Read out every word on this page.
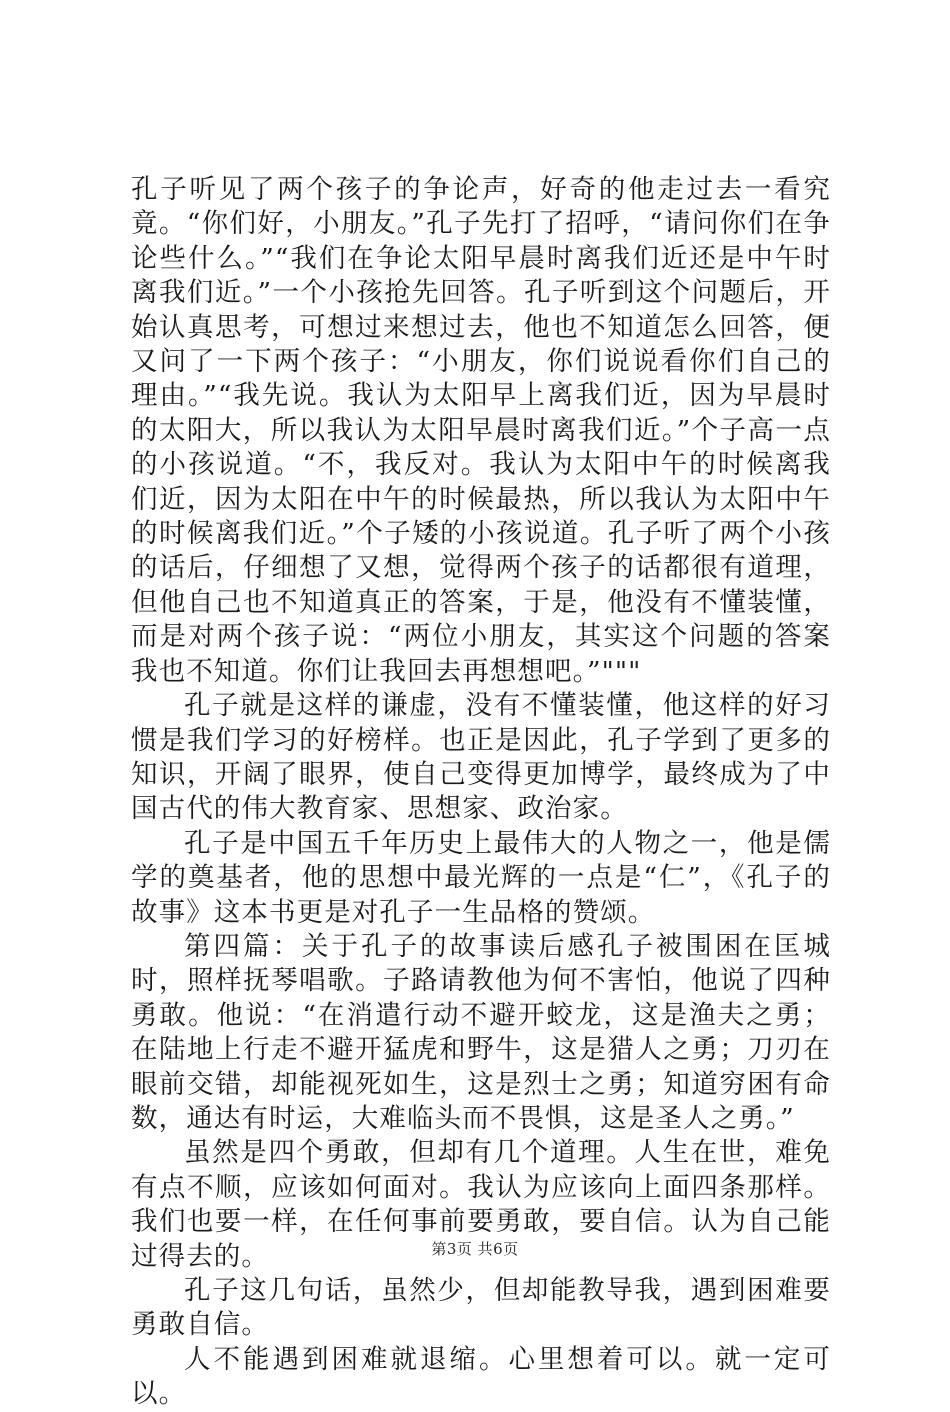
孔子听见了两个孩子的争论声，好奇的他走过去一看究竟。“你们好，小朋友。”孔子先打了招呼，“请问你们在争论些什么。”“我们在争论太阳早晨时离我们近还是中午时离我们近。”一个小孩抢先回答。孔子听到这个问题后，开始认真思考，可想过来想过去，他也不知道怎么回答，便又问了一下两个孩子：“小朋友，你们说说看你们自己的理由。”“我先说。我认为太阳早上离我们近，因为早晨时的太阳大，所以我认为太阳早晨时离我们近。”个子高一点的小孩说道。“不，我反对。我认为太阳中午的时候离我们近，因为太阳在中午的时候最热，所以我认为太阳中午的时候离我们近。”个子矮的小孩说道。孔子听了两个小孩的话后，仔细想了又想，觉得两个孩子的话都很有道理，但他自己也不知道真正的答案，于是，他没有不懂装懂，而是对两个孩子说：“两位小朋友，其实这个问题的答案我也不知道。你们让我回去再想想吧。”"""

孔子就是这样的谦虚，没有不懂装懂，他这样的好习惯是我们学习的好榜样。也正是因此，孔子学到了更多的知识，开阔了眼界，使自己变得更加博学，最终成为了中国古代的伟大教育家、思想家、政治家。

孔子是中国五千年历史上最伟大的人物之一，他是儒学的奠基者，他的思想中最光辉的一点是“仁”，《孔子的故事》这本书更是对孔子一生品格的赞颂。

第四篇：关于孔子的故事读后感孔子被围困在匡城时，照样抚琴唱歌。子路请教他为何不害怕，他说了四种勇敢。他说：“在消遣行动不避开蛟龙，这是渔夫之勇；在陆地上行走不避开猛虎和野牛，这是猎人之勇；刀刃在眼前交错，却能视死如生，这是烈士之勇；知道穷困有命数，通达有时运，大难临头而不畏惧，这是圣人之勇。”

虽然是四个勇敢，但却有几个道理。人生在世，难免有点不顺，应该如何面对。我认为应该向上面四条那样。我们也要一样，在任何事前要勇敢，要自信。认为自己能过得去的。

孔子这几句话，虽然少，但却能教导我，遇到困难要勇敢自信。

人不能遇到困难就退缩。心里想着可以。就一定可以。

第3页 共6页
